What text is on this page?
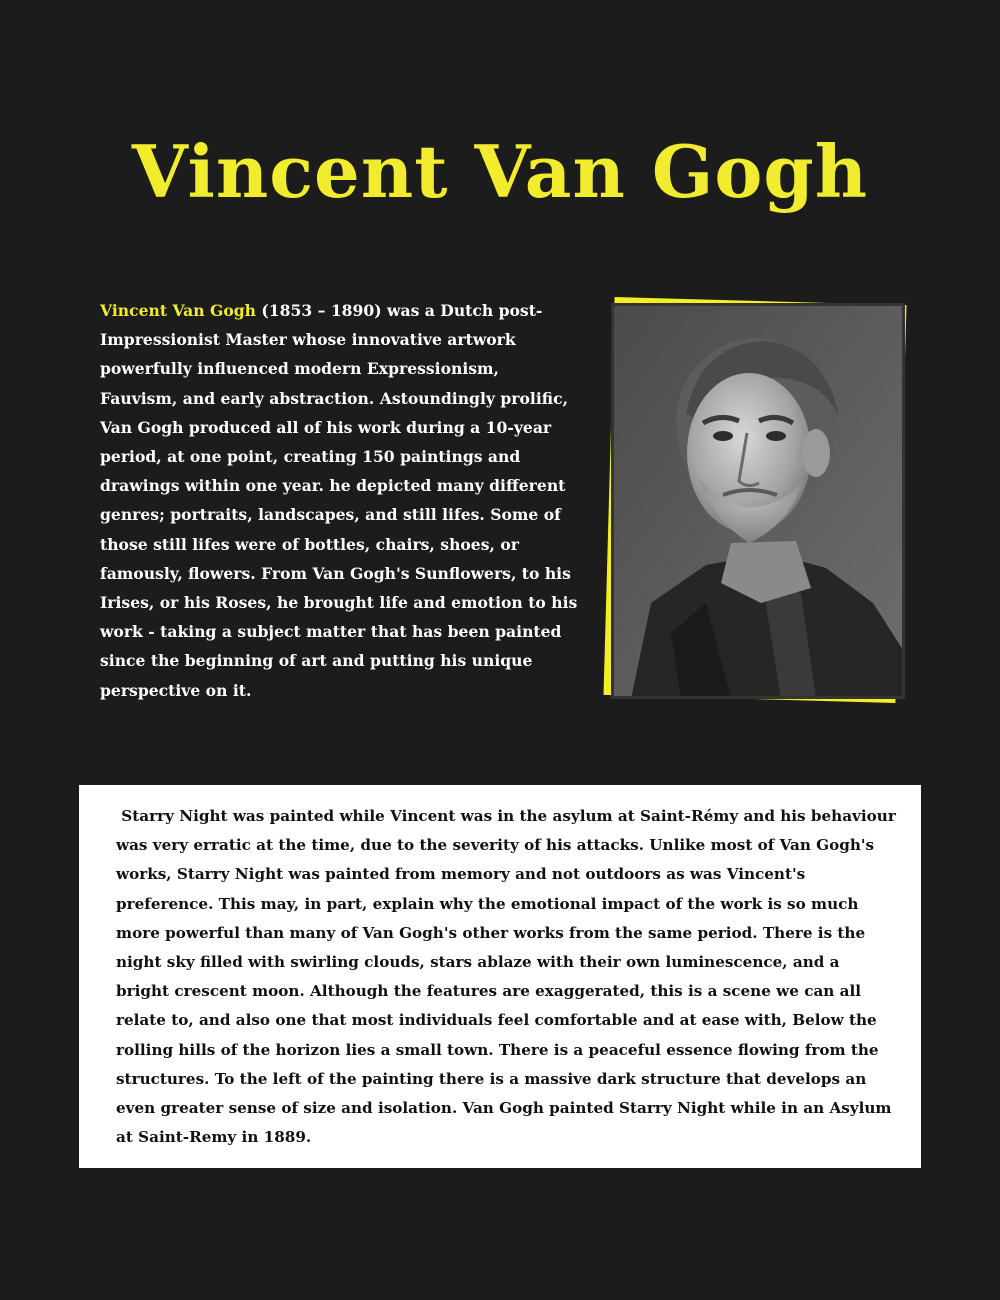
Vincent Van Gogh

Vincent Van Gogh (1853 – 1890) was a Dutch post-Impressionist Master whose innovative artwork powerfully influenced modern Expressionism, Fauvism, and early abstraction. Astoundingly prolific, Van Gogh produced all of his work during a 10-year period, at one point, creating 150 paintings and drawings within one year. he depicted many different genres; portraits, landscapes, and still lifes. Some of those still lifes were of bottles, chairs, shoes, or famously, flowers. From Van Gogh's Sunflowers, to his Irises, or his Roses, he brought life and emotion to his work - taking a subject matter that has been painted since the beginning of art and putting his unique perspective on it.

Starry Night was painted while Vincent was in the asylum at Saint-Rémy and his behaviour was very erratic at the time, due to the severity of his attacks. Unlike most of Van Gogh's works, Starry Night was painted from memory and not outdoors as was Vincent's preference. This may, in part, explain why the emotional impact of the work is so much more powerful than many of Van Gogh's other works from the same period. There is the night sky filled with swirling clouds, stars ablaze with their own luminescence, and a bright crescent moon. Although the features are exaggerated, this is a scene we can all relate to, and also one that most individuals feel comfortable and at ease with, Below the rolling hills of the horizon lies a small town. There is a peaceful essence flowing from the structures. To the left of the painting there is a massive dark structure that develops an even greater sense of size and isolation. Van Gogh painted Starry Night while in an Asylum at Saint-Remy in 1889.
